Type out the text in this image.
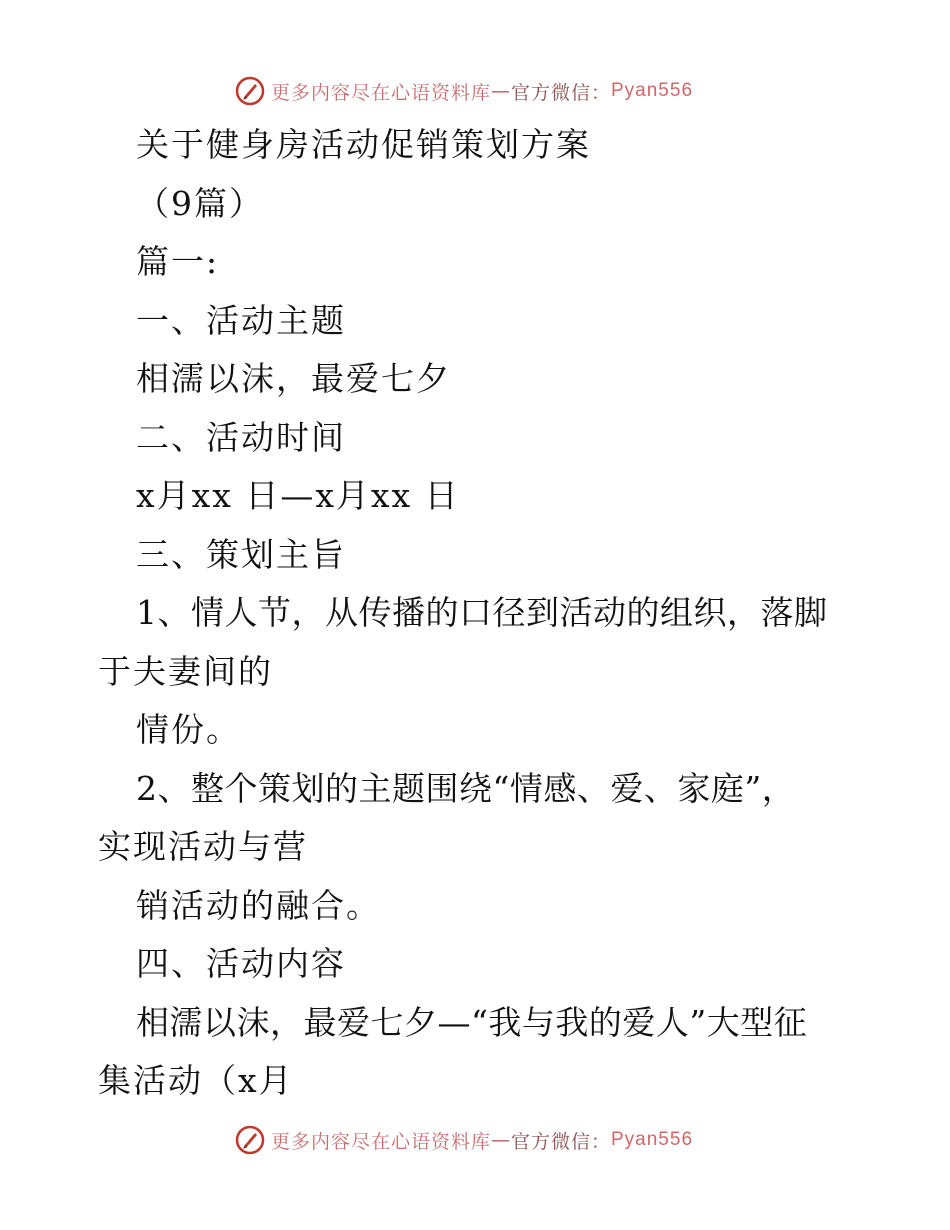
更多内容尽在心语资料库 — 官方微信： Pyan556
关于健身房活动促销策划方案
（9篇）
篇一:
一、活动主题
相濡以沫，最爱七夕
二、活动时间
x月xx 日—x月xx 日
三、策划主旨
1、情人节，从传播的口径到活动的组织，落脚
于夫妻间的
情份。
2、整个策划的主题围绕“情感、爱、家庭”，
实现活动与营
销活动的融合。
四、活动内容
相濡以沫，最爱七夕—“我与我的爱人”大型征
集活动（x月
更多内容尽在心语资料库 — 官方微信： Pyan556
